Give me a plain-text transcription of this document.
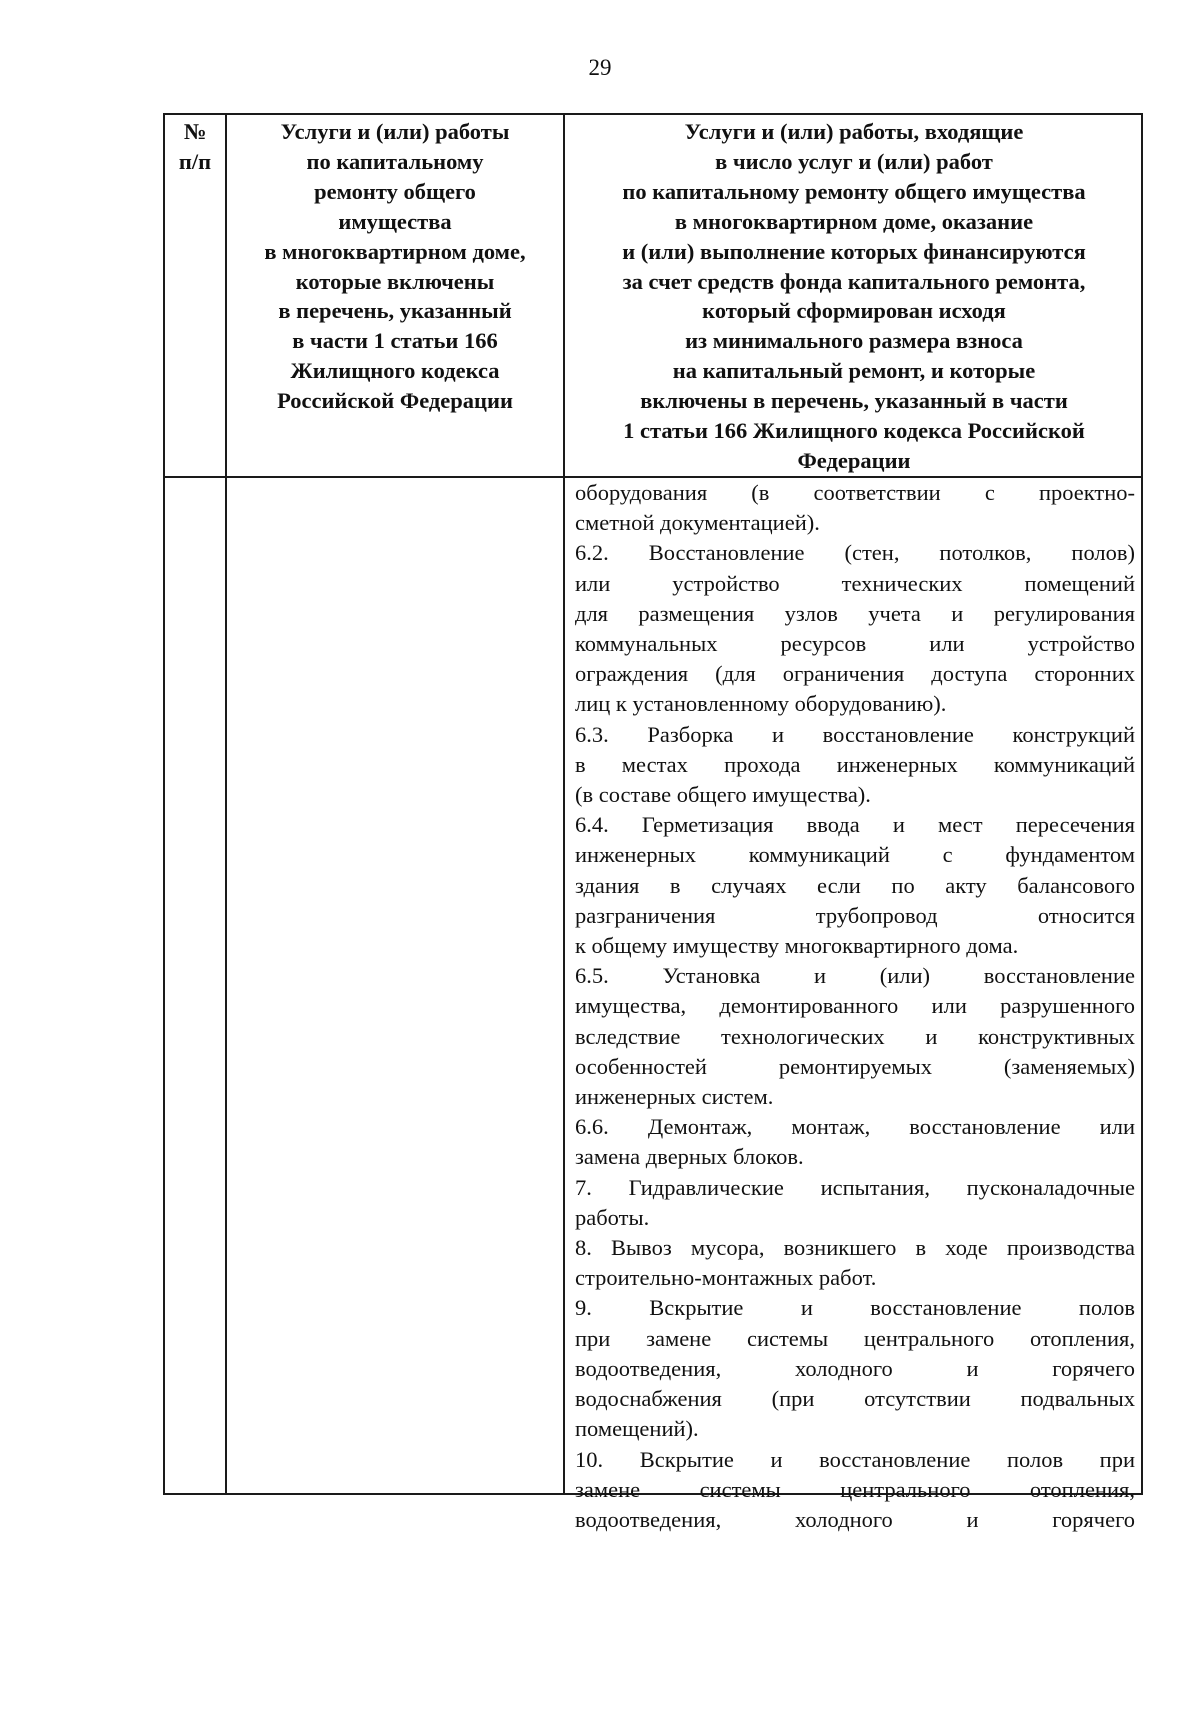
29
№
п/п
Услуги и (или) работы
по капитальному
ремонту общего
имущества
в многоквартирном доме,
которые включены
в перечень, указанный
в части 1 статьи 166
Жилищного кодекса
Российской Федерации
Услуги и (или) работы, входящие
в число услуг и (или) работ
по капитальному ремонту общего имущества
в многоквартирном доме, оказание
и (или) выполнение которых финансируются
за счет средств фонда капитального ремонта,
который сформирован исходя
из минимального размера взноса
на капитальный ремонт, и которые
включены в перечень, указанный в части
1 статьи 166 Жилищного кодекса Российской
Федерации
оборудования (в соответствии с проектно-
сметной документацией).
6.2. Восстановление (стен, потолков, полов)
или устройство технических помещений
для размещения узлов учета и регулирования
коммунальных ресурсов или устройство
ограждения (для ограничения доступа сторонних
лиц к установленному оборудованию).
6.3. Разборка и восстановление конструкций
в местах прохода инженерных коммуникаций
(в составе общего имущества).
6.4. Герметизация ввода и мест пересечения
инженерных коммуникаций с фундаментом
здания в случаях если по акту балансового
разграничения трубопровод относится
к общему имуществу многоквартирного дома.
6.5. Установка и (или) восстановление
имущества, демонтированного или разрушенного
вследствие технологических и конструктивных
особенностей ремонтируемых (заменяемых)
инженерных систем.
6.6. Демонтаж, монтаж, восстановление или
замена дверных блоков.
7. Гидравлические испытания, пусконаладочные
работы.
8. Вывоз мусора, возникшего в ходе производства
строительно-монтажных работ.
9. Вскрытие и восстановление полов
при замене системы центрального отопления,
водоотведения, холодного и горячего
водоснабжения (при отсутствии подвальных
помещений).
10. Вскрытие и восстановление полов при
замене системы центрального отопления,
водоотведения, холодного и горячего
